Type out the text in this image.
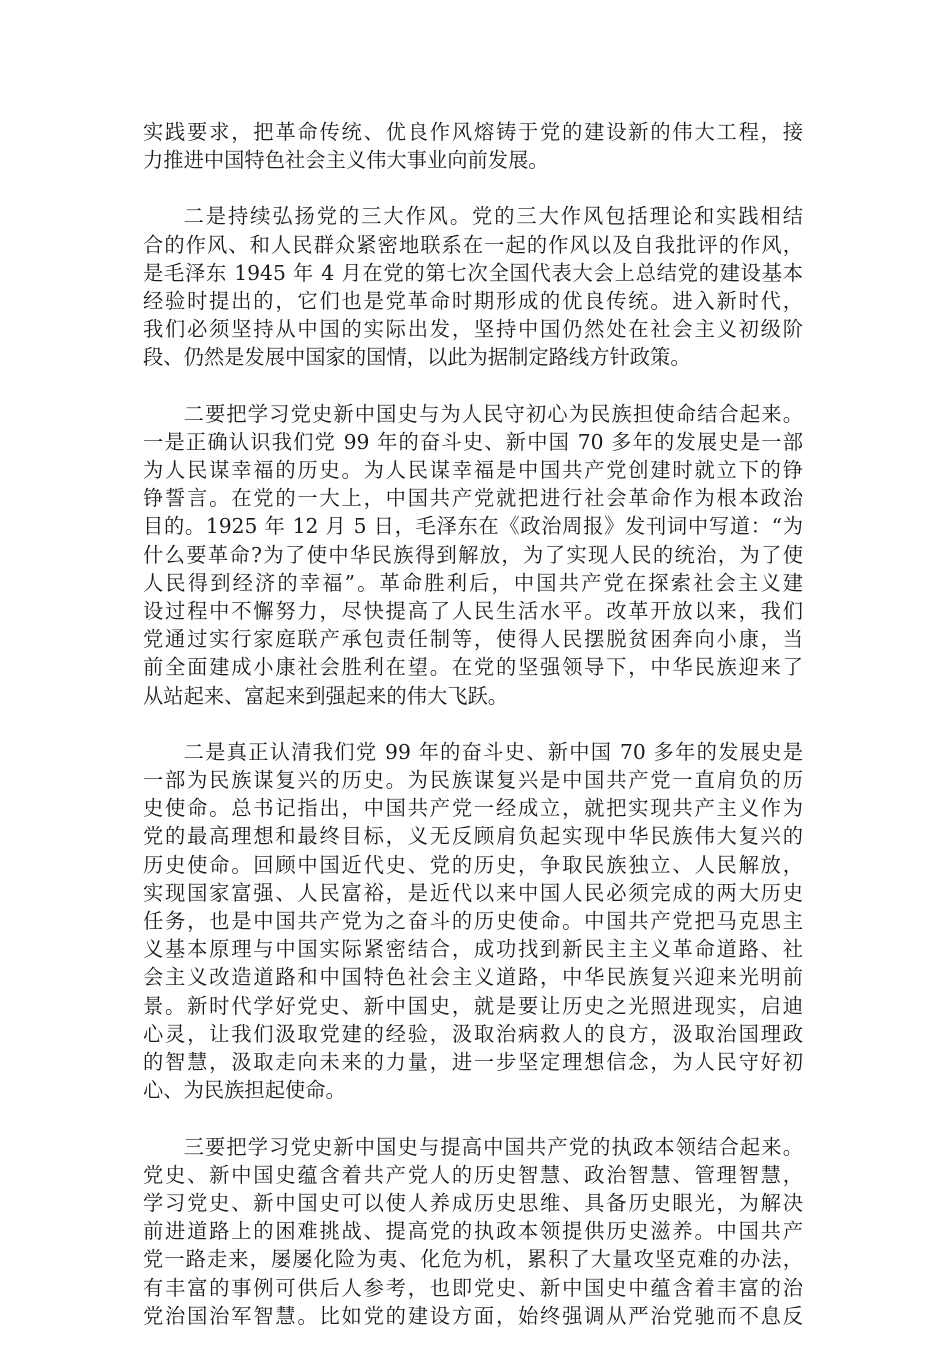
实践要求，把革命传统、优良作风熔铸于党的建设新的伟大工程，接
力推进中国特色社会主义伟大事业向前发展。
二是持续弘扬党的三大作风。党的三大作风包括理论和实践相结
合的作风、和人民群众紧密地联系在一起的作风以及自我批评的作风，
是毛泽东 1945 年 4 月在党的第七次全国代表大会上总结党的建设基本
经验时提出的，它们也是党革命时期形成的优良传统。进入新时代，
我们必须坚持从中国的实际出发，坚持中国仍然处在社会主义初级阶
段、仍然是发展中国家的国情，以此为据制定路线方针政策。
二要把学习党史新中国史与为人民守初心为民族担使命结合起来。
一是正确认识我们党 99 年的奋斗史、新中国 70 多年的发展史是一部
为人民谋幸福的历史。为人民谋幸福是中国共产党创建时就立下的铮
铮誓言。在党的一大上，中国共产党就把进行社会革命作为根本政治
目的。1925 年 12 月 5 日，毛泽东在《政治周报》发刊词中写道：“为
什么要革命?为了使中华民族得到解放，为了实现人民的统治，为了使
人民得到经济的幸福”。革命胜利后，中国共产党在探索社会主义建
设过程中不懈努力，尽快提高了人民生活水平。改革开放以来，我们
党通过实行家庭联产承包责任制等，使得人民摆脱贫困奔向小康，当
前全面建成小康社会胜利在望。在党的坚强领导下，中华民族迎来了
从站起来、富起来到强起来的伟大飞跃。
二是真正认清我们党 99 年的奋斗史、新中国 70 多年的发展史是
一部为民族谋复兴的历史。为民族谋复兴是中国共产党一直肩负的历
史使命。总书记指出，中国共产党一经成立，就把实现共产主义作为
党的最高理想和最终目标，义无反顾肩负起实现中华民族伟大复兴的
历史使命。回顾中国近代史、党的历史，争取民族独立、人民解放，
实现国家富强、人民富裕，是近代以来中国人民必须完成的两大历史
任务，也是中国共产党为之奋斗的历史使命。中国共产党把马克思主
义基本原理与中国实际紧密结合，成功找到新民主主义革命道路、社
会主义改造道路和中国特色社会主义道路，中华民族复兴迎来光明前
景。新时代学好党史、新中国史，就是要让历史之光照进现实，启迪
心灵，让我们汲取党建的经验，汲取治病救人的良方，汲取治国理政
的智慧，汲取走向未来的力量，进一步坚定理想信念，为人民守好初
心、为民族担起使命。
三要把学习党史新中国史与提高中国共产党的执政本领结合起来。
党史、新中国史蕴含着共产党人的历史智慧、政治智慧、管理智慧，
学习党史、新中国史可以使人养成历史思维、具备历史眼光，为解决
前进道路上的困难挑战、提高党的执政本领提供历史滋养。中国共产
党一路走来，屡屡化险为夷、化危为机，累积了大量攻坚克难的办法，
有丰富的事例可供后人参考，也即党史、新中国史中蕴含着丰富的治
党治国治军智慧。比如党的建设方面，始终强调从严治党驰而不息反
